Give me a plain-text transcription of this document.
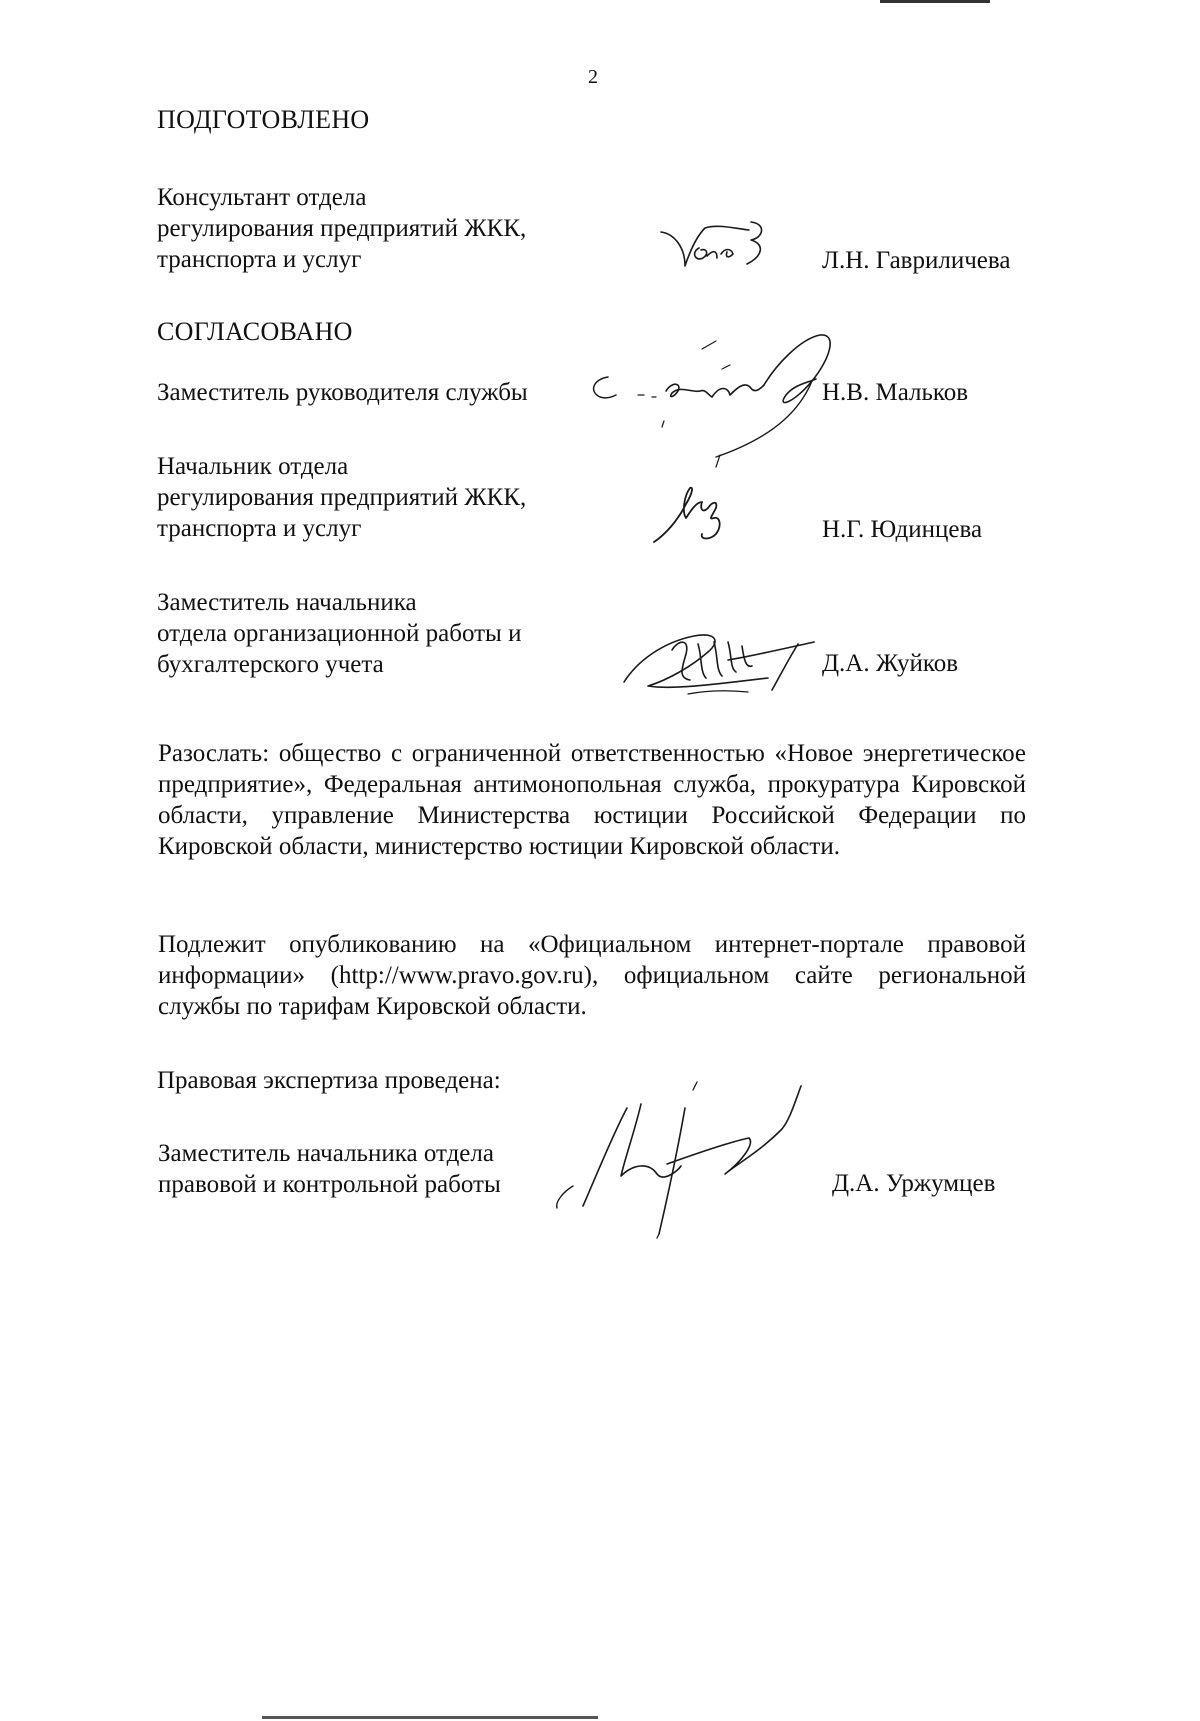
2
ПОДГОТОВЛЕНО
Консультант отдела
регулирования предприятий ЖКК,
транспорта и услуг	Л.Н. Гавриличева
СОГЛАСОВАНО
Заместитель руководителя службы	Н.В. Мальков
Начальник отдела
регулирования предприятий ЖКК,
транспорта и услуг	Н.Г. Юдинцева
Заместитель начальника
отдела организационной работы и
бухгалтерского учета	Д.А. Жуйков
Разослать: общество с ограниченной ответственностью «Новое энергетическое предприятие», Федеральная антимонопольная служба, прокуратура Кировской области, управление Министерства юстиции Российской Федерации по Кировской области, министерство юстиции Кировской области.
Подлежит опубликованию на «Официальном интернет-портале правовой информации» (http://www.pravo.gov.ru), официальном сайте региональной службы по тарифам Кировской области.
Правовая экспертиза проведена:
Заместитель начальника отдела
правовой и контрольной работы	Д.А. Уржумцев
